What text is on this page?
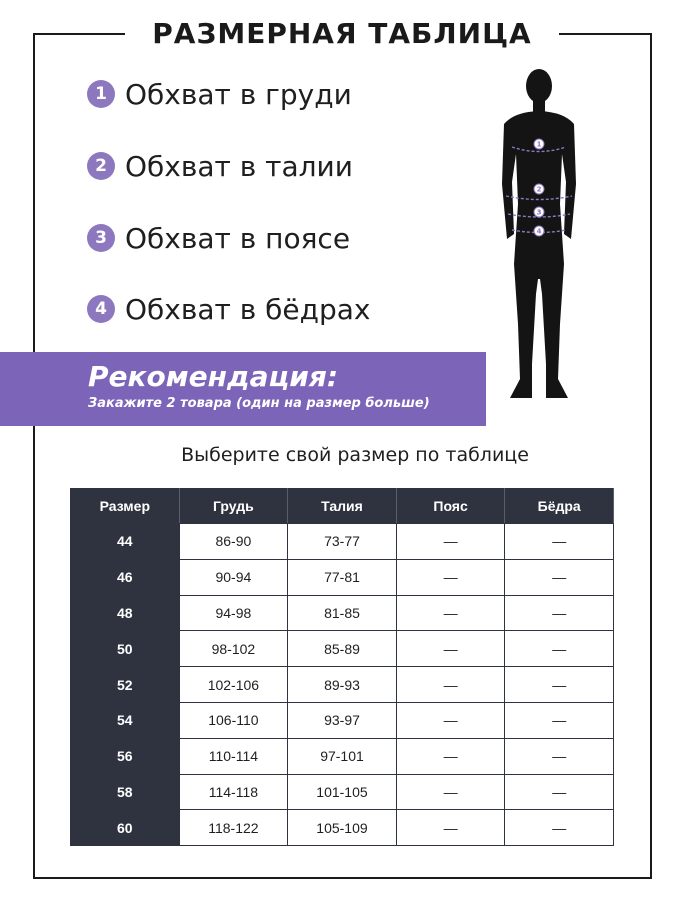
РАЗМЕРНАЯ ТАБЛИЦА
1 Обхват в груди
2 Обхват в талии
3 Обхват в поясе
4 Обхват в бёдрах
Рекомендация:
Закажите 2 товара (один на размер больше)
1
2
3
4
Выберите свой размер по таблице
Размер	Грудь	Талия	Пояс	Бёдра
44	86-90	73-77	—	—
46	90-94	77-81	—	—
48	94-98	81-85	—	—
50	98-102	85-89	—	—
52	102-106	89-93	—	—
54	106-110	93-97	—	—
56	110-114	97-101	—	—
58	114-118	101-105	—	—
60	118-122	105-109	—	—
